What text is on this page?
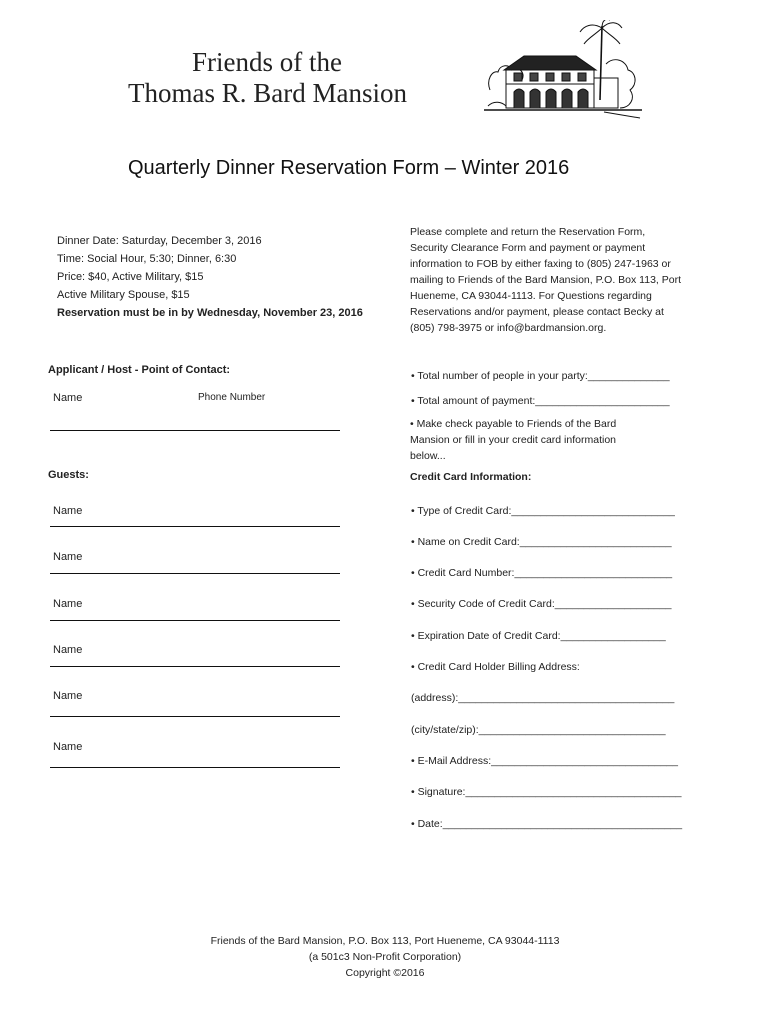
Friends of the
Thomas R. Bard Mansion
Quarterly Dinner Reservation Form – Winter 2016
Dinner Date: Saturday, December 3, 2016
Time: Social Hour, 5:30; Dinner, 6:30
Price: $40, Active Military, $15
Active Military Spouse, $15
Reservation must be in by Wednesday, November 23, 2016
Please complete and return the Reservation Form,
Security Clearance Form and payment or payment
information to FOB by either faxing to (805) 247-1963 or
mailing to Friends of the Bard Mansion, P.O. Box 113, Port
Hueneme, CA 93044-1113. For Questions regarding
Reservations and/or payment, please contact Becky at
(805) 798-3975 or info@bardmansion.org.
Applicant / Host - Point of Contact:
Name	Phone Number
Guests:
Name
Name
Name
Name
Name
Name
• Total number of people in your party:______________
• Total amount of payment:_______________________
• Make check payable to Friends of the Bard
Mansion or fill in your credit card information
below...
Credit Card Information:
• Type of Credit Card:____________________________
• Name on Credit Card:__________________________
• Credit Card Number:___________________________
• Security Code of Credit Card:____________________
• Expiration Date of Credit Card:__________________
• Credit Card Holder Billing Address:
(address):_____________________________________
(city/state/zip):________________________________
• E-Mail Address:________________________________
• Signature:_____________________________________
• Date:_________________________________________
Friends of the Bard Mansion, P.O. Box 113, Port Hueneme, CA 93044-1113
(a 501c3 Non-Profit Corporation)
Copyright ©2016
